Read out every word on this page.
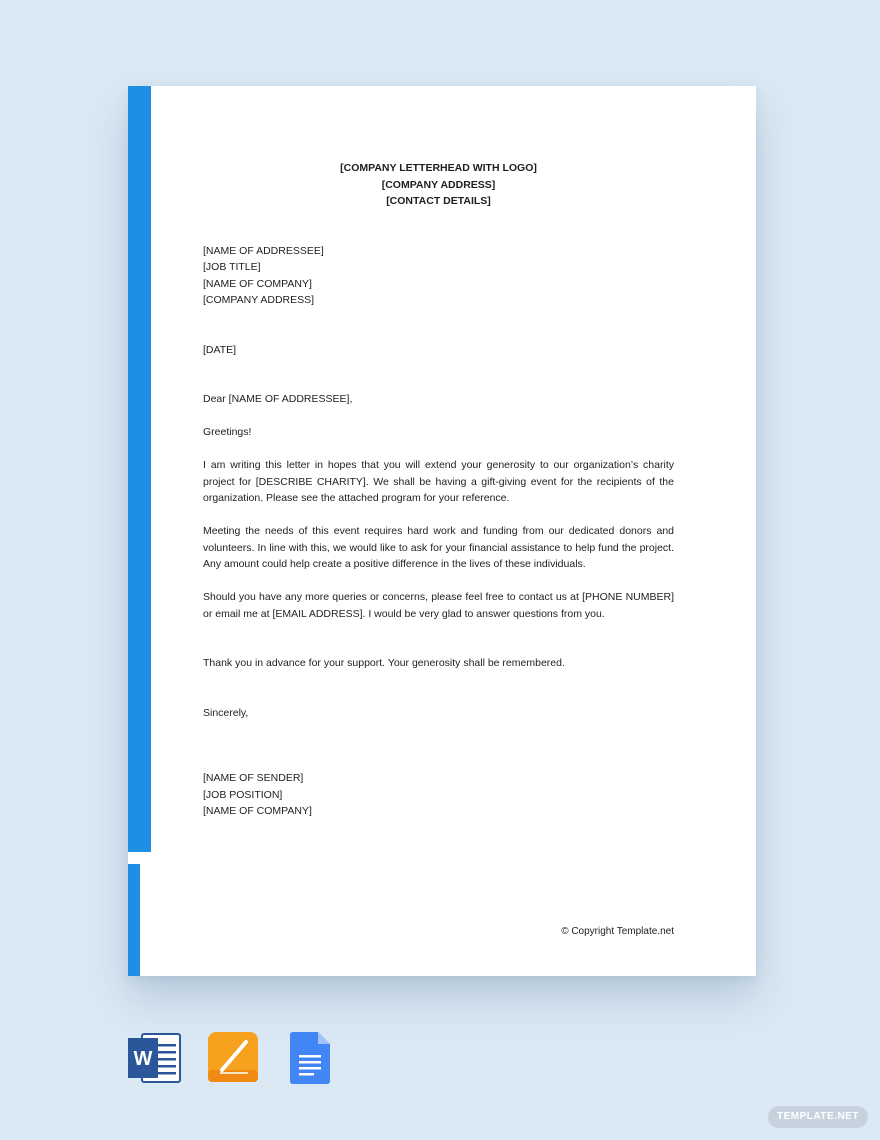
[COMPANY LETTERHEAD WITH LOGO]
[COMPANY ADDRESS]
[CONTACT DETAILS]
[NAME OF ADDRESSEE]
[JOB TITLE]
[NAME OF COMPANY]
[COMPANY ADDRESS]
[DATE]
Dear [NAME OF ADDRESSEE],
Greetings!
I am writing this letter in hopes that you will extend your generosity to our organization’s charity project for [DESCRIBE CHARITY]. We shall be having a gift-giving event for the recipients of the organization. Please see the attached program for your reference.
Meeting the needs of this event requires hard work and funding from our dedicated donors and volunteers. In line with this, we would like to ask for your financial assistance to help fund the project. Any amount could help create a positive difference in the lives of these individuals.
Should you have any more queries or concerns, please feel free to contact us at [PHONE NUMBER] or email me at [EMAIL ADDRESS]. I would be very glad to answer questions from you.
Thank you in advance for your support. Your generosity shall be remembered.
Sincerely,
[NAME OF SENDER]
[JOB POSITION]
[NAME OF COMPANY]
© Copyright Template.net
W
TEMPLATE.NET
